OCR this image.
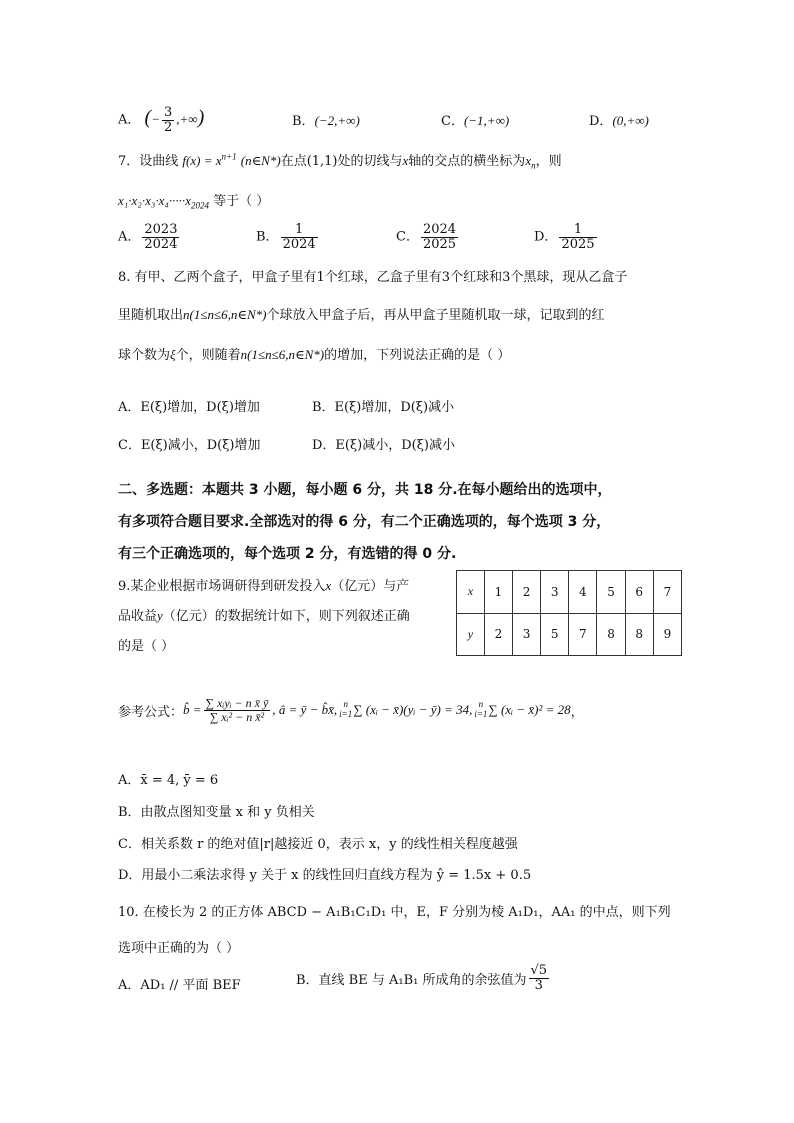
A． (− $\frac{3}{2}$ ,+∞)	B．(−2,+∞)	C．(−1,+∞)	D．(0,+∞)
7．设曲线 $f(x) = x^{n+1}$ (n∈N*)在点(1,1)处的切线与x轴的交点的横坐标为$x_n$，则
$x_1\cdot x_2\cdot x_3\cdot x_4\cdot\cdot\cdot\cdot\cdot x_{2024}$ 等于（ ）
A． $\frac{2023}{2024}$	B． $\frac{1}{2024}$	C． $\frac{2024}{2025}$	D． $\frac{1}{2025}$
8. 有甲、乙两个盒子，甲盒子里有1个红球，乙盒子里有3个红球和3个黑球，现从乙盒子
里随机取出n(1≤n≤6,n∈N*)个球放入甲盒子后，再从甲盒子里随机取一球，记取到的红
球个数为ξ个，则随着n(1≤n≤6,n∈N*)的增加，下列说法正确的是（ ）
A．E(ξ)增加，D(ξ)增加	B．E(ξ)增加，D(ξ)减小
C．E(ξ)减小，D(ξ)增加	D．E(ξ)减小，D(ξ)减小
二、多选题：本题共 3 小题，每小题 6 分，共 18 分.在每小题给出的选项中，
有多项符合题目要求.全部选对的得 6 分，有二个正确选项的，每个选项 3 分，
有三个正确选项的，每个选项 2 分，有选错的得 0 分.
9.某企业根据市场调研得到研发投入x（亿元）与产
品收益y（亿元）的数据统计如下，则下列叙述正确
的是（ ）
x	1	2	3	4	5	6	7
y	2	3	5	7	8	8	9
参考公式： b̂ = $\frac{\text{∑ xᵢyᵢ − n x̄ ȳ}}{\text{∑ xᵢ² − n x̄²}}$ , â = ȳ − b̂x̄, n
i=1 ∑ (xᵢ − x̄)(yᵢ − ȳ) = 34, n
i=1 ∑ (xᵢ − x̄)² = 28 ，
A．x̄ = 4, ȳ = 6
B．由散点图知变量 x 和 y 负相关
C．相关系数 r 的绝对值|r|越接近 0，表示 x，y 的线性相关程度越强
D．用最小二乘法求得 y 关于 x 的线性回归直线方程为 ŷ = 1.5x + 0.5
10. 在棱长为 2 的正方体 ABCD − A₁B₁C₁D₁ 中，E，F 分别为棱 A₁D₁，AA₁ 的中点，则下列
选项中正确的为（ ）
A．AD₁ // 平面 BEF	B．直线 BE 与 A₁B₁ 所成角的余弦值为 $\frac{√5}{3}$
